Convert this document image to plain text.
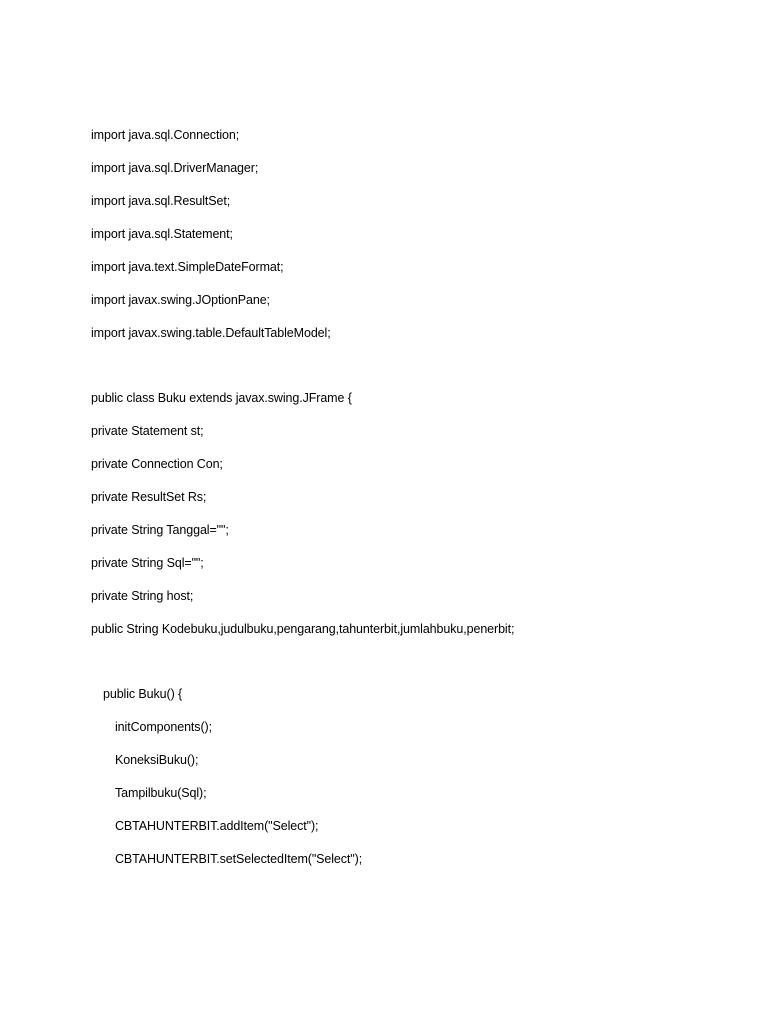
import java.sql.Connection;
import java.sql.DriverManager;
import java.sql.ResultSet;
import java.sql.Statement;
import java.text.SimpleDateFormat;
import javax.swing.JOptionPane;
import javax.swing.table.DefaultTableModel;
public class Buku extends javax.swing.JFrame {
private Statement st;
private Connection Con;
private ResultSet Rs;
private String Tanggal="";
private String Sql="";
private String host;
public String Kodebuku,judulbuku,pengarang,tahunterbit,jumlahbuku,penerbit;
public Buku() {
initComponents();
KoneksiBuku();
Tampilbuku(Sql);
CBTAHUNTERBIT.addItem("Select");
CBTAHUNTERBIT.setSelectedItem("Select");
